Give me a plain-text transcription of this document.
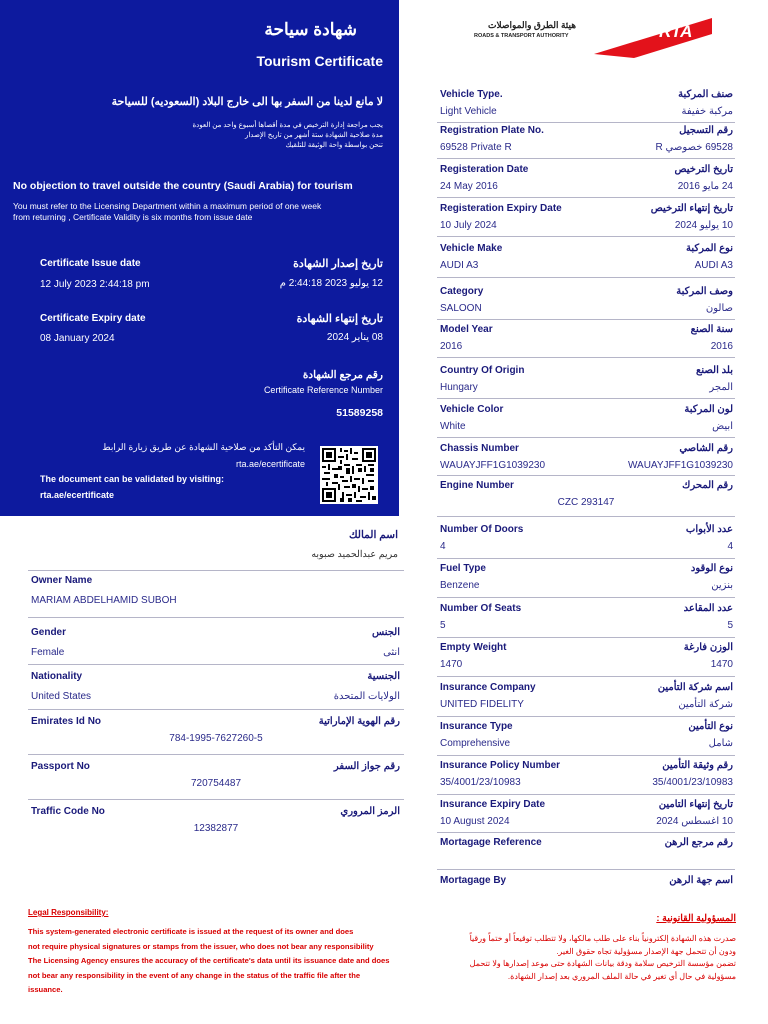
شهادة سياحة
Tourism Certificate
لا مانع لدينا من السفر بها الى خارج البلاد (السعوديه) للسياحة
يجب مراجعة إدارة الترخيص في مدة أقصاها أسبوع واحد من العودة
مدة صلاحية الشهادة ستة أشهر من تاريخ الإصدار
تنحن بواسطة واحة الوثيقة للتلقيك
No objection to travel outside the country (Saudi Arabia) for tourism
You must refer to the Licensing Department within a maximum period of one week
from returning , Certificate Validity is six months from issue date
Certificate Issue date	تاريخ إصدار الشهادة
12 July 2023 2:44:18 pm	12 يوليو 2023 2:44:18 م
Certificate Expiry date	تاريخ إنتهاء الشهادة
08 January 2024	08 يناير 2024
رقم مرجع الشهادة
Certificate Reference Number
51589258
يمكن التأكد من صلاحية الشهادة عن طريق زيارة الرابط
rta.ae/ecertificate
The document can be validated by visiting:
rta.ae/ecertificate
هيئة الطرق والمواصلات
ROADS & TRANSPORT AUTHORITY	RTA
Vehicle Type.	صنف المركبة
Light Vehicle	مركبة خفيفة
Registration Plate No.	رقم التسجيل
69528 Private R	69528 خصوصي R
Registeration Date	تاريخ الترخيص
24 May 2016	24 مايو 2016
Registeration Expiry Date	تاريخ إنتهاء الترخيص
10 July 2024	10 يوليو 2024
Vehicle Make	نوع المركبة
AUDI A3	AUDI A3
Category	وصف المركبة
SALOON	صالون
Model Year	سنة الصنع
2016	2016
Country Of Origin	بلد الصنع
Hungary	المجر
Vehicle Color	لون المركبة
White	ابيض
Chassis Number	رقم الشاصي
WAUAYJFF1G1039230	WAUAYJFF1G1039230
Engine Number	رقم المحرك
CZC 293147
Number Of Doors	عدد الأبواب
4	4
Fuel Type	نوع الوقود
Benzene	بنزين
Number Of Seats	عدد المقاعد
5	5
Empty Weight	الوزن فارغة
1470	1470
Insurance Company	اسم شركة التأمين
UNITED FIDELITY	شركة التأمين
Insurance Type	نوع التأمين
Comprehensive	شامل
Insurance Policy Number	رقم وثيقة التأمين
35/4001/23/10983	35/4001/23/10983
Insurance Expiry Date	تاريخ إنتهاء التامين
10 August 2024	10 اغسطس 2024
Mortagage Reference	رقم مرجع الرهن
Mortagage By	اسم جهة الرهن
اسم المالك
مريم عبدالحميد صبوبه
Owner Name
MARIAM ABDELHAMID SUBOH
Gender	الجنس
Female	انثى
Nationality	الجنسية
United States	الولايات المتحدة
Emirates Id No	رقم الهوية الإماراتية
784-1995-7627260-5
Passport No	رقم جواز السفر
720754487
Traffic Code No	الرمز المروري
12382877
Legal Responsibility:
This system-generated electronic certificate is issued at the request of its owner and does
not require physical signatures or stamps from the issuer, who does not bear any responsibility
The Licensing Agency ensures the accuracy of the certificate's data until its issuance date and does
not bear any responsibility in the event of any change in the status of the traffic file after the
issuance.
المسؤولية القانونية :
صدرت هذه الشهادة إلكترونياً بناء على طلب مالكها، ولا تتطلب توقيعاً أو ختماً ورقياً
ودون أن تتحمل جهة الإصدار مسؤولية تجاه حقوق الغير.
تضمن مؤسسة الترخيص سلامة ودقة بيانات الشهادة حتى موعد إصدارها ولا تتحمل
مسؤولية في حال أي تغير في حالة الملف المروري بعد إصدار الشهادة.
